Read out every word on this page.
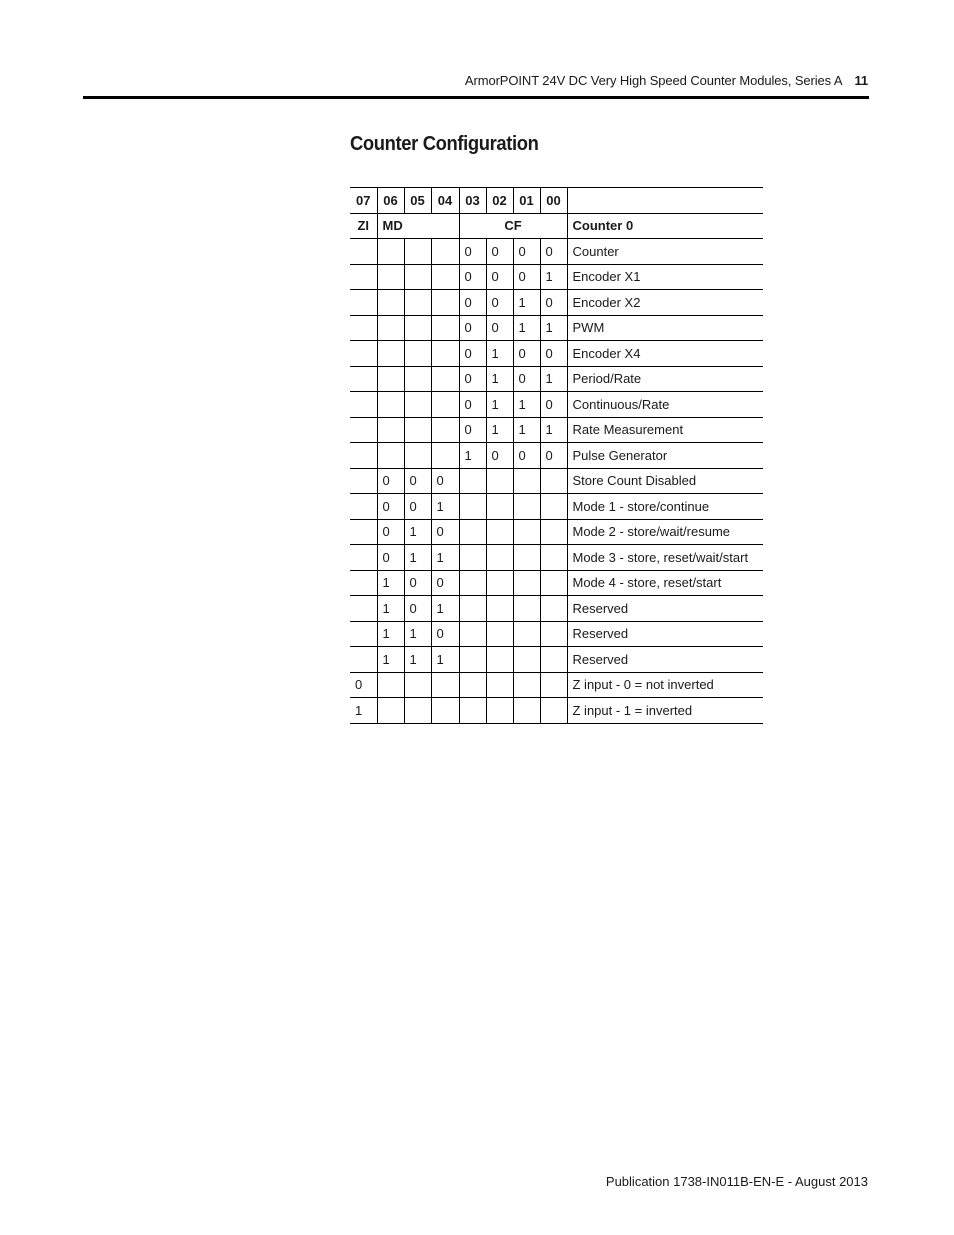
ArmorPOINT 24V DC Very High Speed Counter Modules, Series A 11
Counter Configuration
07	06	05	04	03	02	01	00	
ZI	MD			CF				Counter 0
				0	0	0	0	Counter
				0	0	0	1	Encoder X1
				0	0	1	0	Encoder X2
				0	0	1	1	PWM
				0	1	0	0	Encoder X4
				0	1	0	1	Period/Rate
				0	1	1	0	Continuous/Rate
				0	1	1	1	Rate Measurement
				1	0	0	0	Pulse Generator
	0	0	0					Store Count Disabled
	0	0	1					Mode 1 - store/continue
	0	1	0					Mode 2 - store/wait/resume
	0	1	1					Mode 3 - store, reset/wait/start
	1	0	0					Mode 4 - store, reset/start
	1	0	1					Reserved
	1	1	0					Reserved
	1	1	1					Reserved
0								Z input - 0 = not inverted
1								Z input - 1 = inverted
Publication 1738-IN011B-EN-E - August 2013
